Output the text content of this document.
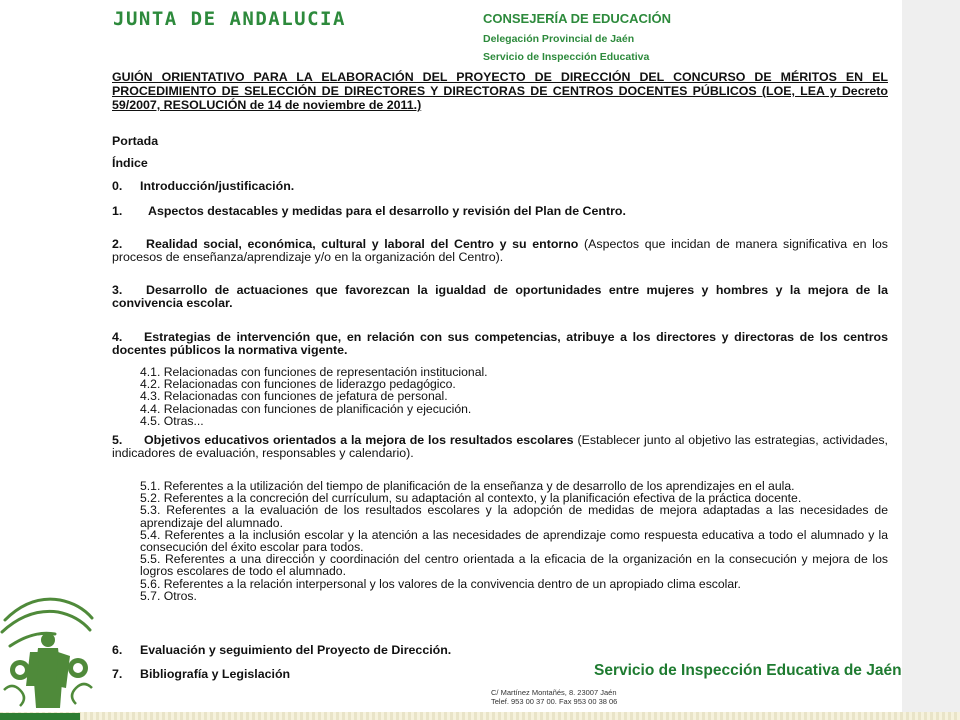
JUNTA DE ANDALUCIA	CONSEJERÍA DE EDUCACIÓN
Delegación Provincial de Jaén
Servicio de Inspección Educativa
GUIÓN ORIENTATIVO PARA LA ELABORACIÓN DEL PROYECTO DE DIRECCIÓN DEL CONCURSO DE MÉRITOS EN EL PROCEDIMIENTO DE SELECCIÓN DE DIRECTORES Y DIRECTORAS DE CENTROS DOCENTES PÚBLICOS (LOE, LEA y Decreto 59/2007, RESOLUCIÓN de 14 de noviembre de 2011.)
Portada
Índice
0. Introducción/justificación.
1. Aspectos destacables y medidas para el desarrollo y revisión del Plan de Centro.
2. Realidad social, económica, cultural y laboral del Centro y su entorno (Aspectos que incidan de manera significativa en los procesos de enseñanza/aprendizaje y/o en la organización del Centro).
3. Desarrollo de actuaciones que favorezcan la igualdad de oportunidades entre mujeres y hombres y la mejora de la convivencia escolar.
4. Estrategias de intervención que, en relación con sus competencias, atribuye a los directores y directoras de los centros docentes públicos la normativa vigente.
4.1. Relacionadas con funciones de representación institucional.
4.2. Relacionadas con funciones de liderazgo pedagógico.
4.3. Relacionadas con funciones de jefatura de personal.
4.4. Relacionadas con funciones de planificación y ejecución.
4.5. Otras...
5. Objetivos educativos orientados a la mejora de los resultados escolares (Establecer junto al objetivo las estrategias, actividades, indicadores de evaluación, responsables y calendario).
5.1. Referentes a la utilización del tiempo de planificación de la enseñanza y de desarrollo de los aprendizajes en el aula.
5.2. Referentes a la concreción del currículum, su adaptación al contexto, y la planificación efectiva de la práctica docente.
5.3. Referentes a la evaluación de los resultados escolares y la adopción de medidas de mejora adaptadas a las necesidades de aprendizaje del alumnado.
5.4. Referentes a la inclusión escolar y la atención a las necesidades de aprendizaje como respuesta educativa a todo el alumnado y la consecución del éxito escolar para todos.
5.5. Referentes a una dirección y coordinación del centro orientada a la eficacia de la organización en la consecución y mejora de los logros escolares de todo el alumnado.
5.6. Referentes a la relación interpersonal y los valores de la convivencia dentro de un apropiado clima escolar.
5.7. Otros.
6. Evaluación y seguimiento del Proyecto de Dirección.
7. Bibliografía y Legislación	Servicio de Inspección Educativa de Jaén
C/ Martínez Montañés, 8. 23007 Jaén
Telef. 953 00 37 00. Fax 953 00 38 06
